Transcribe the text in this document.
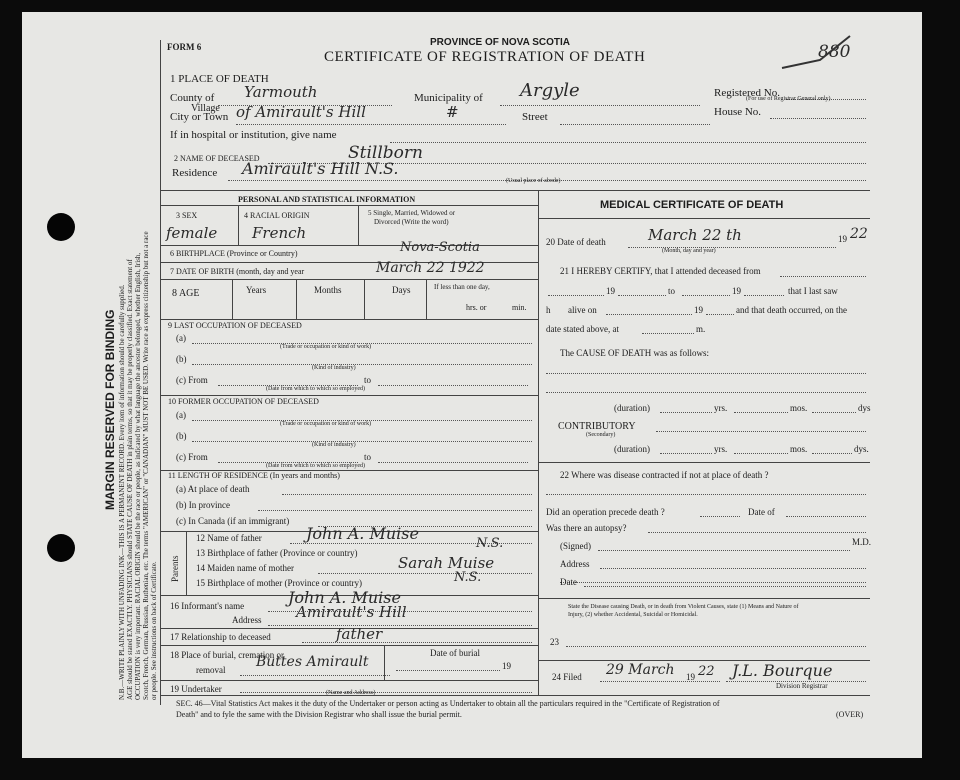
MARGIN RESERVED FOR BINDING N.B.—WRITE PLAINLY WITH UNFADING INK—THIS IS A PERMANENT RECORD. Every item of information should be carefully supplied. AGE should be stated EXACTLY. PHYSICIANS should STATE CAUSE OF DEATH in plain terms, so that it may be properly classified. Exact statement of OCCUPATION is very important. RACIAL ORIGIN should be the race or people, as indicated by what language the ancestor belonged, whether English, Irish, Scotch, French, German, Russian, Ruthenian, etc. The terms "AMERICAN" or "CANADIAN" MUST NOT BE USED. Write race as express citizenship but not a race or people. See instructions on back of Certificate.
FORM 6	PROVINCE OF NOVA SCOTIA
CERTIFICATE OF REGISTRATION OF DEATH	880
1 PLACE OF DEATH
County of Yarmouth	Municipality of Argyle	Registered No.
(For use of Registrar General only)
Village
City or Town of Amirault's Hill	#	Street	House No.
If in hospital or institution, give name
2 NAME OF DECEASED	Stillborn
Residence Amirault's Hill N.S.
(Usual place of abode)
PERSONAL AND STATISTICAL INFORMATION
3 SEX	4 RACIAL ORIGIN	5 Single, Married, Widowed or
Divorced (Write the word)
female French
6 BIRTHPLACE (Province or Country)	Nova-Scotia
7 DATE OF BIRTH (month, day and year	March 22 1922
8 AGE	Years	Months	Days	If less than one day,
hrs. or	min.
9 LAST OCCUPATION OF DECEASED
(a)
(Trade or occupation or kind of work)
(b)
(Kind of industry)
(c) From	to
(Date from which to which so employed)
10 FORMER OCCUPATION OF DECEASED
(a)
(Trade or occupation or kind of work)
(b)
(Kind of industry)
(c) From	to
(Date from which to which so employed)
11 LENGTH OF RESIDENCE (In years and months)
(a) At place of death
(b) In province
(c) In Canada (if an immigrant)
Parents
12 Name of father	John A. Muise
N.S.
13 Birthplace of father (Province or country)
14 Maiden name of mother	Sarah Muise
15 Birthplace of mother (Province or country)	N.S.
16 Informant's name	John A. Muise
Address Amirault's Hill
17 Relationship to deceased	father
18 Place of burial, cremation or
removal Buttes Amirault
Date of burial
19
19 Undertaker	(Name and Address)
MEDICAL CERTIFICATE OF DEATH
20 Date of death	March 22 th	19 22
(Month, day and year)
21 I HEREBY CERTIFY, that I attended deceased from
19	to	19	that I last saw
h alive on	19	and that death occurred, on the
date stated above, at	m.
The CAUSE OF DEATH was as follows:
(duration)	yrs.	mos.	dys
CONTRIBUTORY
(Secondary)
(duration)	yrs.	mos.	dys.
22 Where was disease contracted if not at place of death ?
Did an operation precede death ?	Date of
Was there an autopsy?
(Signed)	M.D.
Address
Date
State the Disease causing Death, or in death from Violent Causes, state (1) Means and Nature of
Injury, (2) whether Accidental, Suicidal or Homicidal.
23
24 Filed 29 March 19 22 J.L. Bourque
Division Registrar
SEC. 46—Vital Statistics Act makes it the duty of the Undertaker or person acting as Undertaker to obtain all the particulars required in the "Certificate of Registration of
Death" and to fyle the same with the Division Registrar who shall issue the burial permit.	(OVER)
